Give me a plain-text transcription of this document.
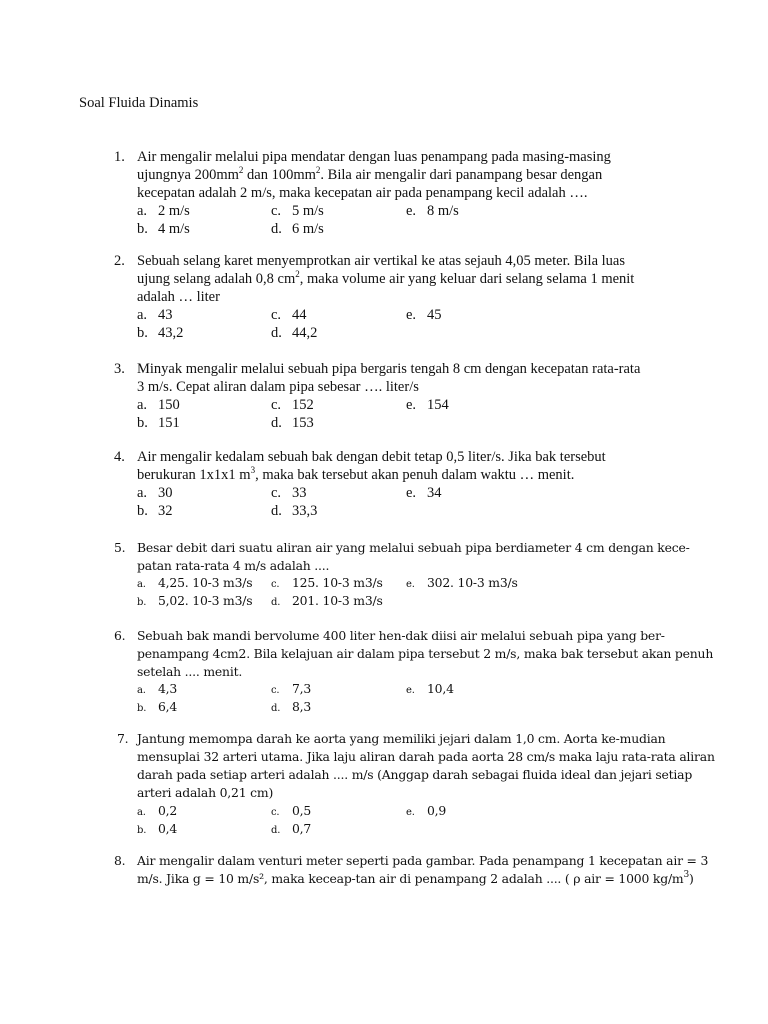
Soal Fluida Dinamis
1. Air mengalir melalui pipa mendatar dengan luas penampang pada masing-masing
ujungnya $200mm^2$ dan $100mm^2$. Bila air mengalir dari panampang besar dengan
kecepatan adalah 2 m/s, maka kecepatan air pada penampang kecil adalah ….
a. 2 m/s	c. 5 m/s	e. 8 m/s
b. 4 m/s	d. 6 m/s
2. Sebuah selang karet menyemprotkan air vertikal ke atas sejauh 4,05 meter. Bila luas
ujung selang adalah 0,8 $cm^2$, maka volume air yang keluar dari selang selama 1 menit
adalah … liter
a. 43	c. 44	e. 45
b. 43,2	d. 44,2
3. Minyak mengalir melalui sebuah pipa bergaris tengah 8 cm dengan kecepatan rata-rata
3 m/s. Cepat aliran dalam pipa sebesar …. liter/s
a. 150	c. 152	e. 154
b. 151	d. 153
4. Air mengalir kedalam sebuah bak dengan debit tetap 0,5 liter/s. Jika bak tersebut
berukuran 1x1x1 $m^3$, maka bak tersebut akan penuh dalam waktu … menit.
a. 30	c. 33	e. 34
b. 32	d. 33,3
5. Besar debit dari suatu aliran air yang melalui sebuah pipa berdiameter 4 cm dengan kece-
patan rata-rata 4 m/s adalah ....
a. 4,25. 10-3 m3/s c. 125. 10-3 m3/s e. 302. 10-3 m3/s
b. 5,02. 10-3 m3/s d. 201. 10-3 m3/s
6. Sebuah bak mandi bervolume 400 liter hen-dak diisi air melalui sebuah pipa yang ber-
penampang 4cm2. Bila kelajuan air dalam pipa tersebut 2 m/s, maka bak tersebut akan penuh
setelah .... menit.
a. 4,3	c. 7,3	e. 10,4
b. 6,4	d. 8,3
7. Jantung memompa darah ke aorta yang memiliki jejari dalam 1,0 cm. Aorta ke-mudian
mensuplai 32 arteri utama. Jika laju aliran darah pada aorta 28 cm/s maka laju rata-rata aliran
darah pada setiap arteri adalah .... m/s (Anggap darah sebagai fluida ideal dan jejari setiap
arteri adalah 0,21 cm)
a. 0,2	c. 0,5	e. 0,9
b. 0,4	d. 0,7
8. Air mengalir dalam venturi meter seperti pada gambar. Pada penampang 1 kecepatan air = 3
m/s. Jika g = 10 m/s², maka keceap-tan air di penampang 2 adalah .... ( ρ air = 1000 $kg/m^3$)
